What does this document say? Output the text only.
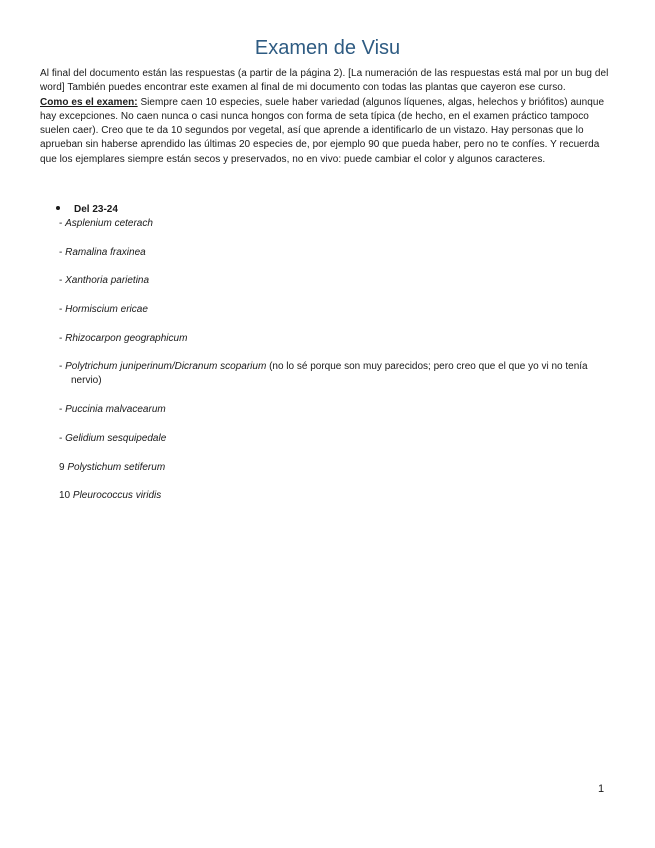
Examen de Visu

Al final del documento están las respuestas (a partir de la página 2). [La numeración de las respuestas está mal por un bug del word] También puedes encontrar este examen al final de mi documento con todas las plantas que cayeron ese curso.

Como es el examen: Siempre caen 10 especies, suele haber variedad (algunos líquenes, algas, helechos y briófitos) aunque hay excepciones. No caen nunca o casi nunca hongos con forma de seta típica (de hecho, en el examen práctico tampoco suelen caer). Creo que te da 10 segundos por vegetal, así que aprende a identificarlo de un vistazo. Hay personas que lo aprueban sin haberse aprendido las últimas 20 especies de, por ejemplo 90 que pueda haber, pero no te confíes. Y recuerda que los ejemplares siempre están secos y preservados, no en vivo: puede cambiar el color y algunos caracteres.

Del 23-24
- Asplenium ceterach
- Ramalina fraxinea
- Xanthoria parietina
- Hormiscium ericae
- Rhizocarpon geographicum
- Polytrichum juniperinum/Dicranum scoparium (no lo sé porque son muy parecidos; pero creo que el que yo vi no tenía nervio)
- Puccinia malvacearum
- Gelidium sesquipedale
9 Polystichum setiferum
10 Pleurococcus viridis
1
